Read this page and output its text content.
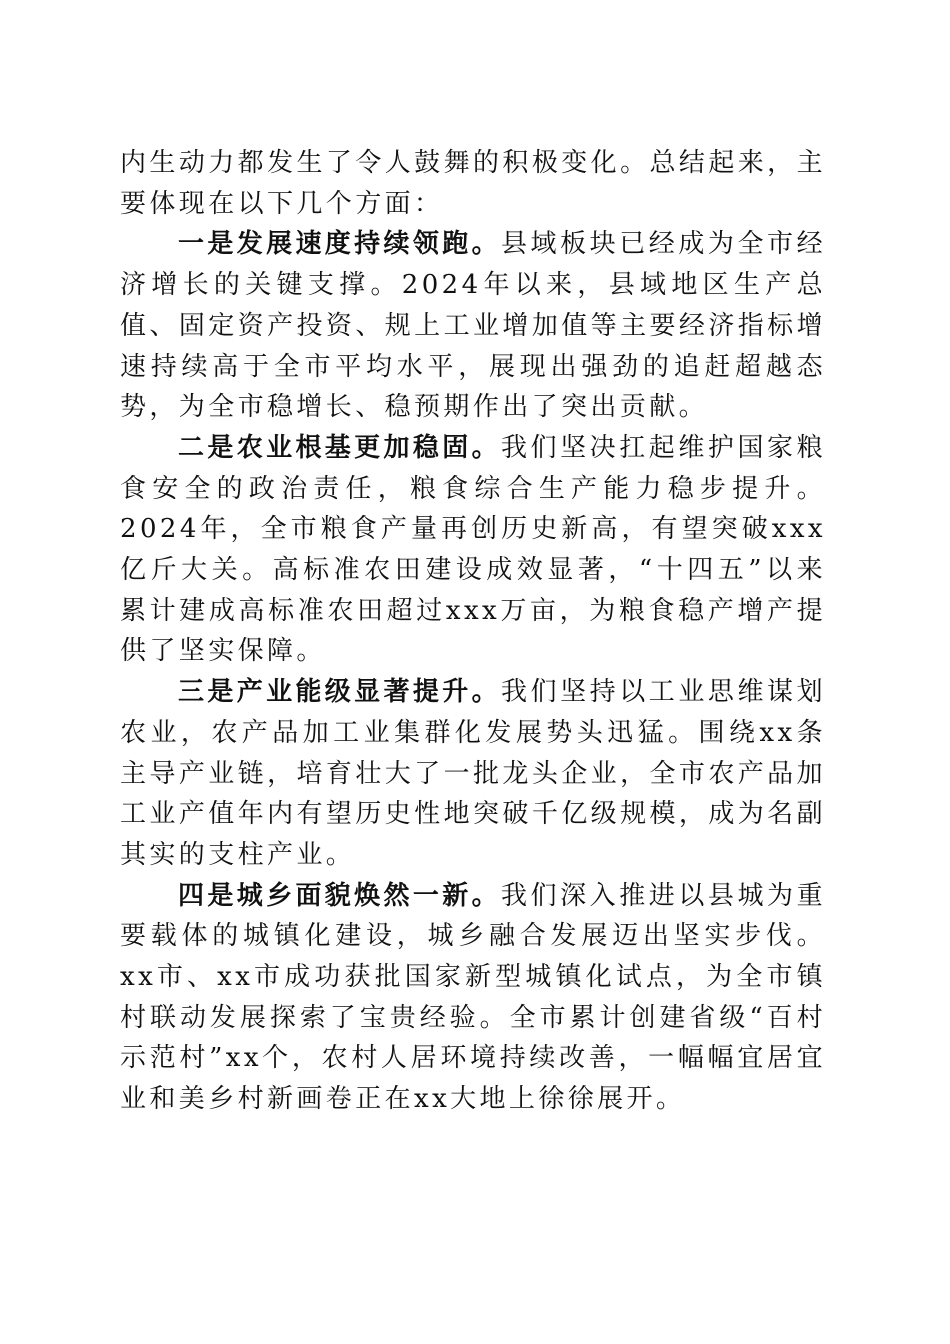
内生动力都发生了令人鼓舞的积极变化。总结起来，主要体现在以下几个方面：

一是发展速度持续领跑。县域板块已经成为全市经济增长的关键支撑。2024年以来，县域地区生产总值、固定资产投资、规上工业增加值等主要经济指标增速持续高于全市平均水平，展现出强劲的追赶超越态势，为全市稳增长、稳预期作出了突出贡献。

二是农业根基更加稳固。我们坚决扛起维护国家粮食安全的政治责任，粮食综合生产能力稳步提升。2024年，全市粮食产量再创历史新高，有望突破xxx亿斤大关。高标准农田建设成效显著，“十四五”以来累计建成高标准农田超过xxx万亩，为粮食稳产增产提供了坚实保障。

三是产业能级显著提升。我们坚持以工业思维谋划农业，农产品加工业集群化发展势头迅猛。围绕xx条主导产业链，培育壮大了一批龙头企业，全市农产品加工业产值年内有望历史性地突破千亿级规模，成为名副其实的支柱产业。

四是城乡面貌焕然一新。我们深入推进以县城为重要载体的城镇化建设，城乡融合发展迈出坚实步伐。xx市、xx市成功获批国家新型城镇化试点，为全市镇村联动发展探索了宝贵经验。全市累计创建省级“百村示范村”xx个，农村人居环境持续改善，一幅幅宜居宜业和美乡村新画卷正在xx大地上徐徐展开。
